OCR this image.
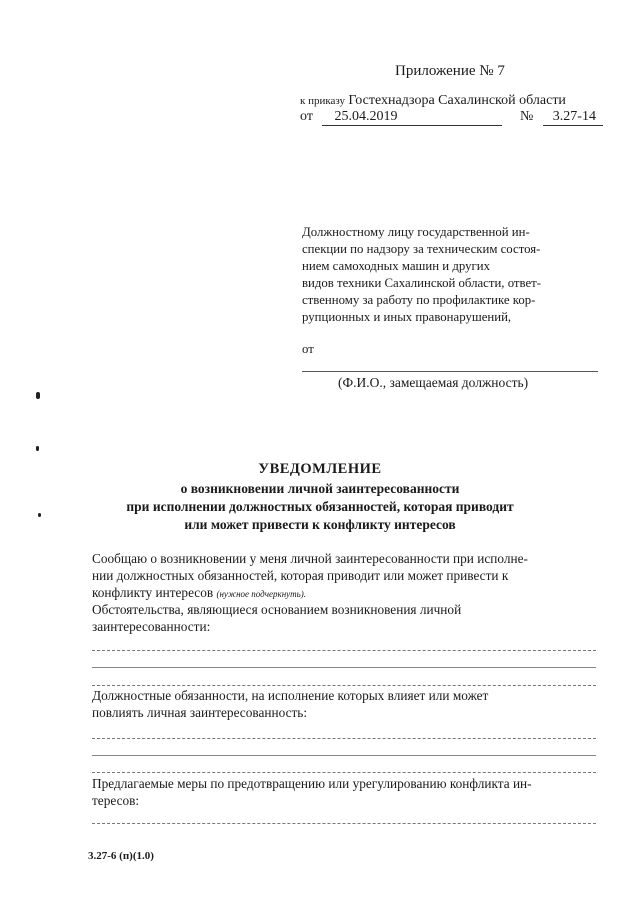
Приложение № 7
к приказу Гостехнадзора Сахалинской области
от 25.04.2019	№ 3.27-14
Должностному лицу государственной ин-
спекции по надзору за техническим состоя-
нием самоходных машин и других
видов техники Сахалинской области, ответ-
ственному за работу по профилактике кор-
рупционных и иных правонарушений,
от
(Ф.И.О., замещаемая должность)
УВЕДОМЛЕНИЕ
о возникновении личной заинтересованности
при исполнении должностных обязанностей, которая приводит
или может привести к конфликту интересов
Сообщаю о возникновении у меня личной заинтересованности при исполне-
нии должностных обязанностей, которая приводит или может привести к
конфликту интересов (нужное подчеркнуть).
Обстоятельства, являющиеся основанием возникновения личной
заинтересованности:
Должностные обязанности, на исполнение которых влияет или может
повлиять личная заинтересованность:
Предлагаемые меры по предотвращению или урегулированию конфликта ин-
тересов:
3.27-6 (п)(1.0)
